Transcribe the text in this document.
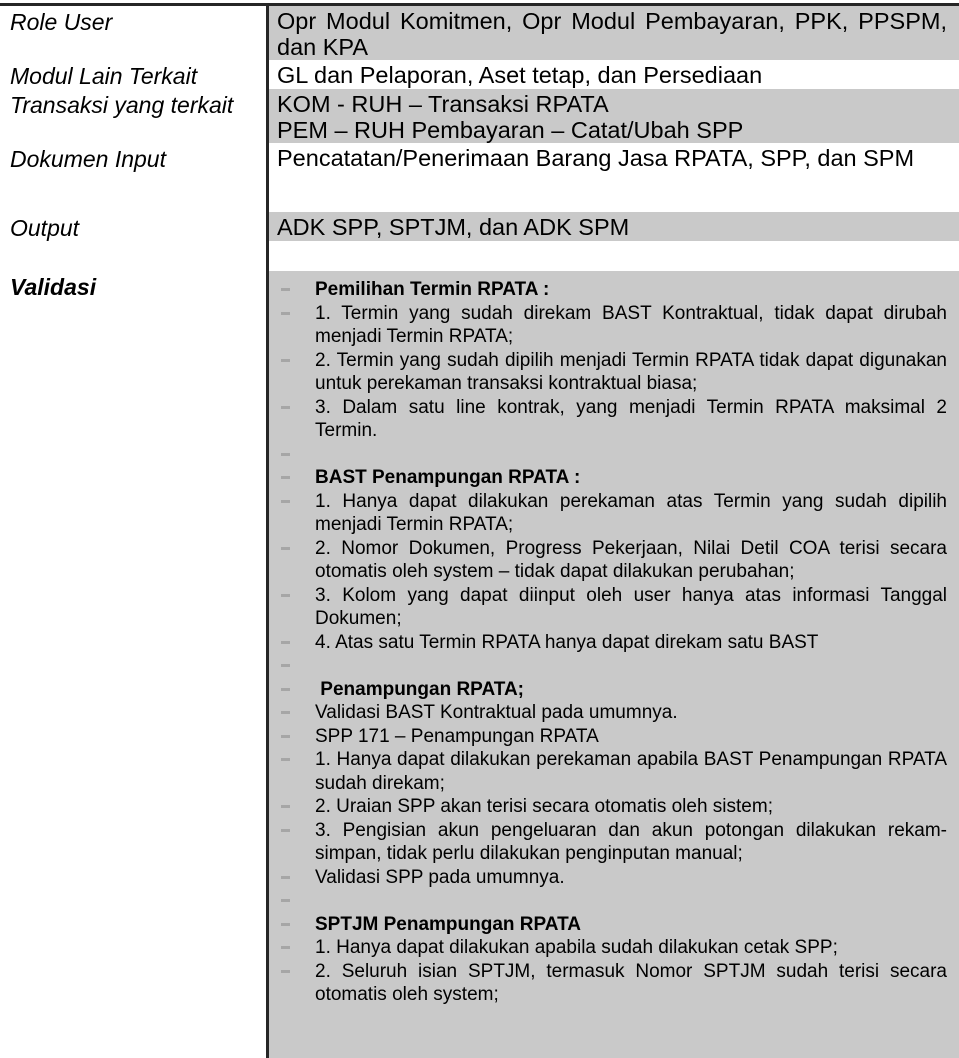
Role User	Opr Modul Komitmen, Opr Modul Pembayaran, PPK, PPSPM, dan KPA
Modul Lain Terkait	GL dan Pelaporan, Aset tetap, dan Persediaan
Transaksi yang terkait	KOM - RUH – Transaksi RPATA
PEM – RUH Pembayaran – Catat/Ubah SPP
Dokumen Input	Pencatatan/Penerimaan Barang Jasa RPATA, SPP, dan SPM
Output	ADK SPP, SPTJM, dan ADK SPM
Validasi	Pemilihan Termin RPATA :
1. Termin yang sudah direkam BAST Kontraktual, tidak dapat dirubah menjadi Termin RPATA;
2. Termin yang sudah dipilih menjadi Termin RPATA tidak dapat digunakan untuk perekaman transaksi kontraktual biasa;
3. Dalam satu line kontrak, yang menjadi Termin RPATA maksimal 2 Termin.
BAST Penampungan RPATA :
1. Hanya dapat dilakukan perekaman atas Termin yang sudah dipilih menjadi Termin RPATA;
2. Nomor Dokumen, Progress Pekerjaan, Nilai Detil COA terisi secara otomatis oleh system – tidak dapat dilakukan perubahan;
3. Kolom yang dapat diinput oleh user hanya atas informasi Tanggal Dokumen;
4. Atas satu Termin RPATA hanya dapat direkam satu BAST
Penampungan RPATA;
Validasi BAST Kontraktual pada umumnya.
SPP 171 – Penampungan RPATA
1. Hanya dapat dilakukan perekaman apabila BAST Penampungan RPATA sudah direkam;
2. Uraian SPP akan terisi secara otomatis oleh sistem;
3. Pengisian akun pengeluaran dan akun potongan dilakukan rekam-simpan, tidak perlu dilakukan penginputan manual;
Validasi SPP pada umumnya.
SPTJM Penampungan RPATA
1. Hanya dapat dilakukan apabila sudah dilakukan cetak SPP;
2. Seluruh isian SPTJM, termasuk Nomor SPTJM sudah terisi secara otomatis oleh system;
